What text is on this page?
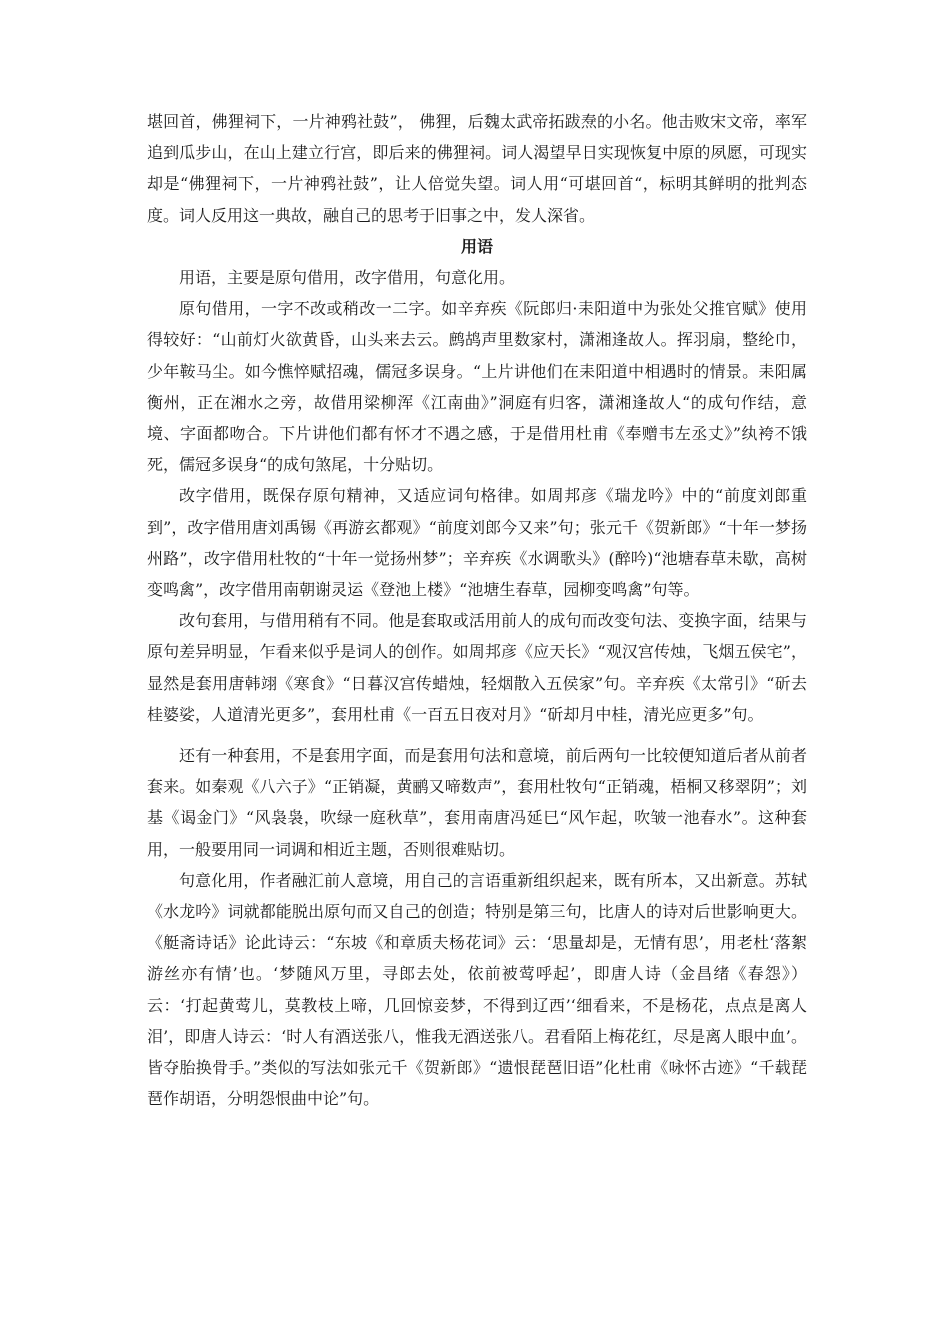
堪回首，佛狸祠下，一片神鸦社鼓”， 佛狸，后魏太武帝拓跋焘的小名。他击败宋文帝，率军追到瓜步山，在山上建立行宫，即后来的佛狸祠。词人渴望早日实现恢复中原的夙愿，可现实却是“佛狸祠下，一片神鸦社鼓”，让人倍觉失望。词人用“可堪回首“，标明其鲜明的批判态度。词人反用这一典故，融自己的思考于旧事之中，发人深省。

用语

用语，主要是原句借用，改字借用，句意化用。

原句借用，一字不改或稍改一二字。如辛弃疾《阮郎归·耒阳道中为张处父推官赋》使用得较好：“山前灯火欲黄昏，山头来去云。鹧鸪声里数家村，潇湘逢故人。挥羽扇，整纶巾，少年鞍马尘。如今憔悴赋招魂，儒冠多误身。“上片讲他们在耒阳道中相遇时的情景。耒阳属衡州，正在湘水之旁，故借用梁柳浑《江南曲》”洞庭有归客，潇湘逢故人“的成句作结，意境、字面都吻合。下片讲他们都有怀才不遇之感，于是借用杜甫《奉赠韦左丞丈》”纨袴不饿死，儒冠多误身“的成句煞尾，十分贴切。

改字借用，既保存原句精神，又适应词句格律。如周邦彦《瑞龙吟》中的“前度刘郎重到”，改字借用唐刘禹锡《再游玄都观》“前度刘郎今又来”句；张元千《贺新郎》“十年一梦扬州路”，改字借用杜牧的“十年一觉扬州梦”；辛弃疾《水调歌头》(醉吟)“池塘春草未歇，高树变鸣禽”，改字借用南朝谢灵运《登池上楼》“池塘生春草，园柳变鸣禽”句等。

改句套用，与借用稍有不同。他是套取或活用前人的成句而改变句法、变换字面，结果与原句差异明显，乍看来似乎是词人的创作。如周邦彦《应天长》“观汉宫传烛，飞烟五侯宅”，显然是套用唐韩翊《寒食》“日暮汉宫传蜡烛，轻烟散入五侯家”句。辛弃疾《太常引》“斫去桂婆娑，人道清光更多”，套用杜甫《一百五日夜对月》“斫却月中桂，清光应更多”句。

还有一种套用，不是套用字面，而是套用句法和意境，前后两句一比较便知道后者从前者套来。如秦观《八六子》“正销凝，黄鹂又啼数声”，套用杜牧句“正销魂，梧桐又移翠阴”；刘基《谒金门》“风袅袅，吹绿一庭秋草”，套用南唐冯延巳“风乍起，吹皱一池春水”。这种套用，一般要用同一词调和相近主题，否则很难贴切。

句意化用，作者融汇前人意境，用自己的言语重新组织起来，既有所本，又出新意。苏轼《水龙吟》词就都能脱出原句而又自己的创造；特别是第三句，比唐人的诗对后世影响更大。《艇斋诗话》论此诗云：“东坡《和章质夫杨花词》云：‘思量却是，无情有思’，用老杜‘落絮游丝亦有情’也。‘梦随风万里，寻郎去处，依前被莺呼起’，即唐人诗（金昌绪《春怨》）云：‘打起黄莺儿，莫教枝上啼，几回惊妾梦，不得到辽西’‘细看来，不是杨花，点点是离人泪’，即唐人诗云：‘时人有酒送张八，惟我无酒送张八。君看陌上梅花红，尽是离人眼中血’。皆夺胎换骨手。”类似的写法如张元千《贺新郎》“遗恨琵琶旧语”化杜甫《咏怀古迹》“千载琵琶作胡语，分明怨恨曲中论”句。
